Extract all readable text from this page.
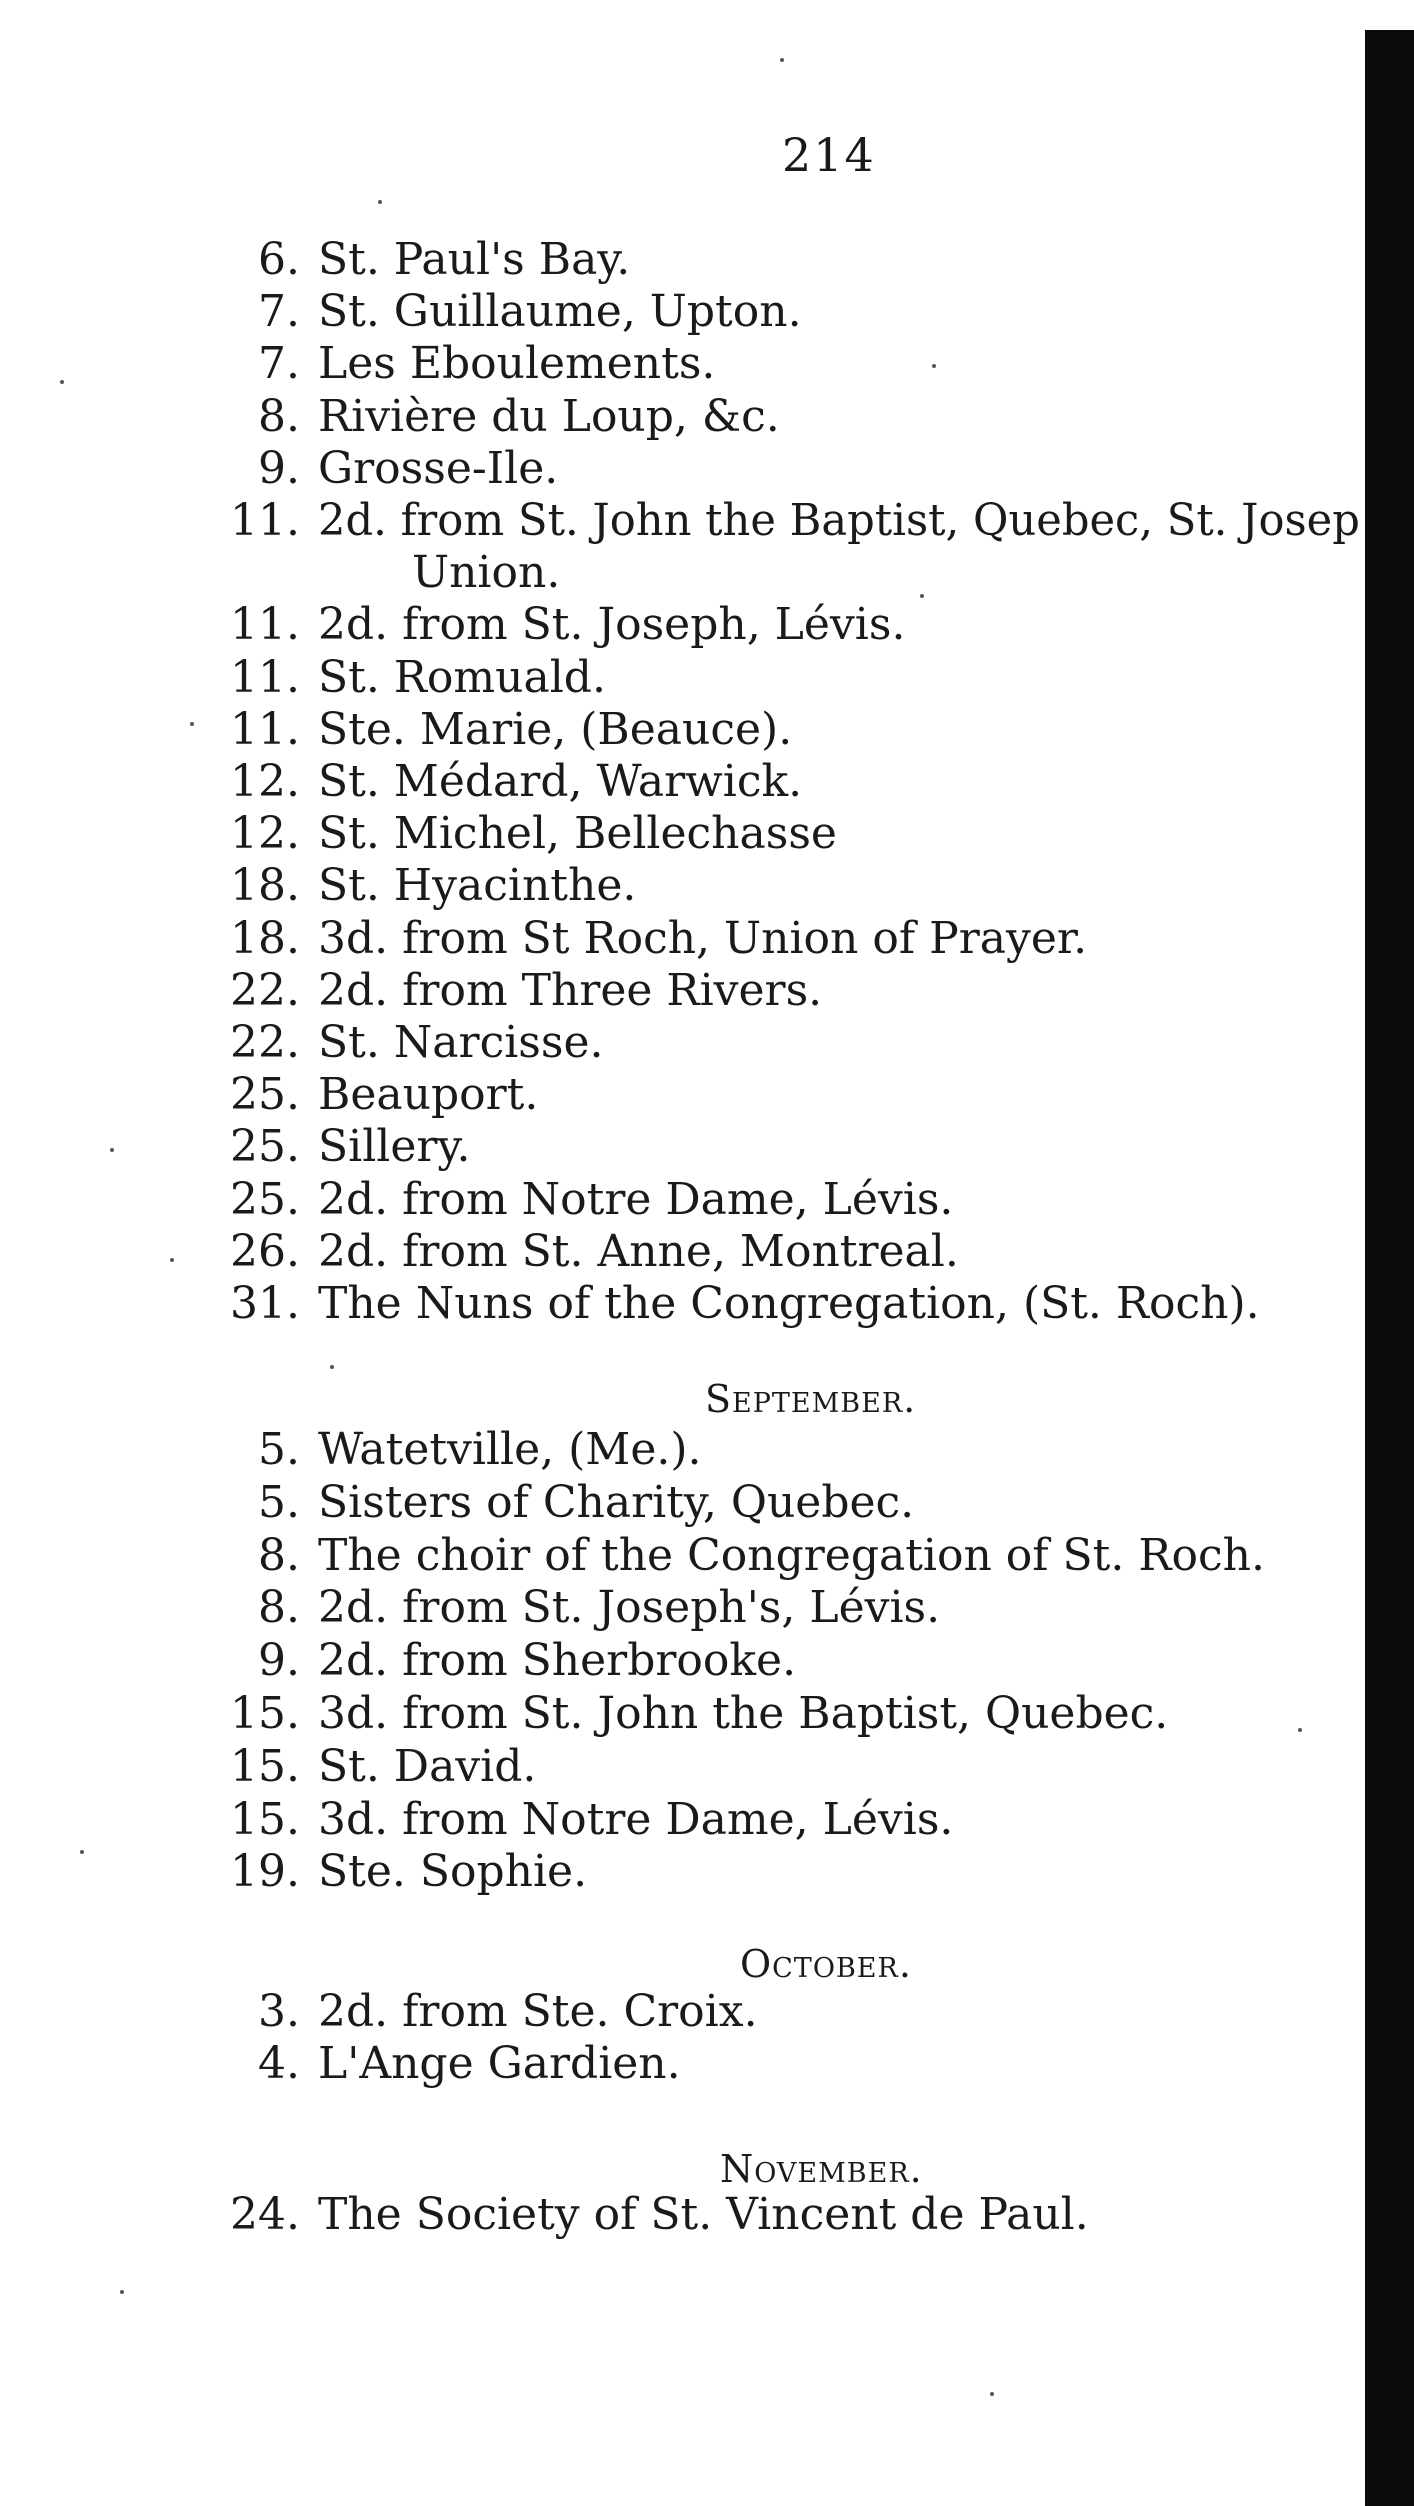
214
6. St. Paul's Bay.
7. St. Guillaume, Upton.
7. Les Eboulements.
8. Rivière du Loup, &c.
9. Grosse-Ile.
11. 2d. from St. John the Baptist, Quebec, St. Josep
Union.
11. 2d. from St. Joseph, Lévis.
11. St. Romuald.
11. Ste. Marie, (Beauce).
12. St. Médard, Warwick.
12. St. Michel, Bellechasse
18. St. Hyacinthe.
18. 3d. from St Roch, Union of Prayer.
22. 2d. from Three Rivers.
22. St. Narcisse.
25. Beauport.
25. Sillery.
25. 2d. from Notre Dame, Lévis.
26. 2d. from St. Anne, Montreal.
31. The Nuns of the Congregation, (St. Roch).
September.
5. Watetville, (Me.).
5. Sisters of Charity, Quebec.
8. The choir of the Congregation of St. Roch.
8. 2d. from St. Joseph's, Lévis.
9. 2d. from Sherbrooke.
15. 3d. from St. John the Baptist, Quebec.
15. St. David.
15. 3d. from Notre Dame, Lévis.
19. Ste. Sophie.
October.
3. 2d. from Ste. Croix.
4. L'Ange Gardien.
November.
24. The Society of St. Vincent de Paul.
